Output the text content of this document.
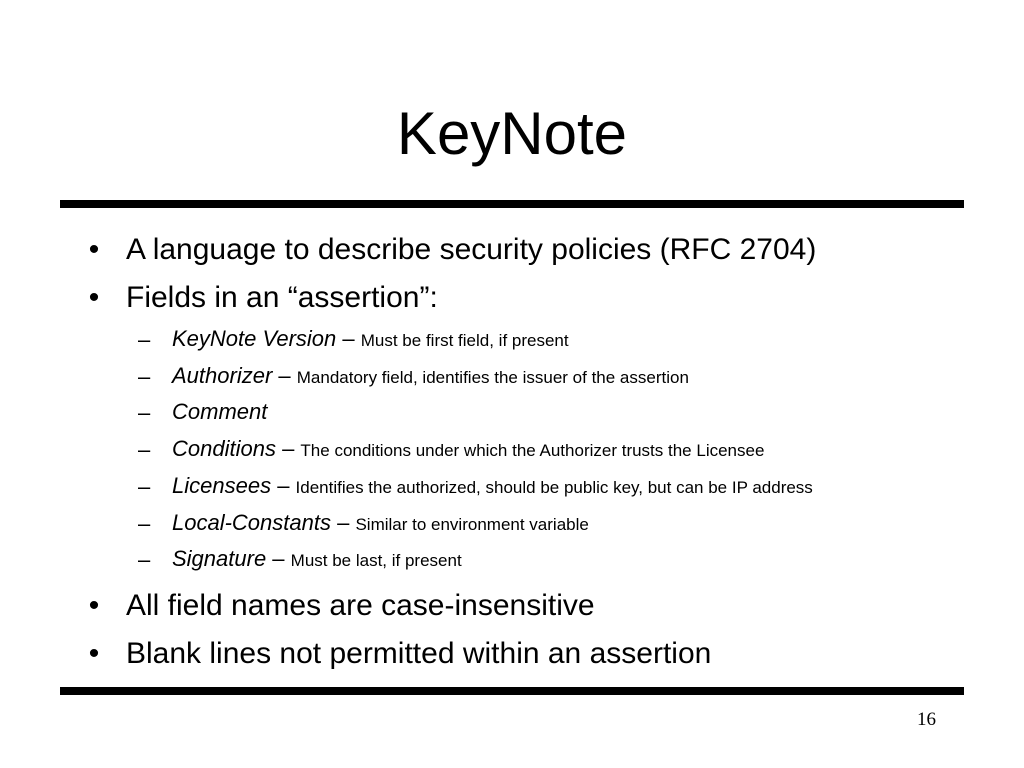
KeyNote
• A language to describe security policies (RFC 2704)
• Fields in an “assertion”:
– KeyNote Version – Must be first field, if present
– Authorizer – Mandatory field, identifies the issuer of the assertion
– Comment
– Conditions – The conditions under which the Authorizer trusts the Licensee
– Licensees – Identifies the authorized, should be public key, but can be IP address
– Local-Constants – Similar to environment variable
– Signature – Must be last, if present
• All field names are case-insensitive
• Blank lines not permitted within an assertion
16
